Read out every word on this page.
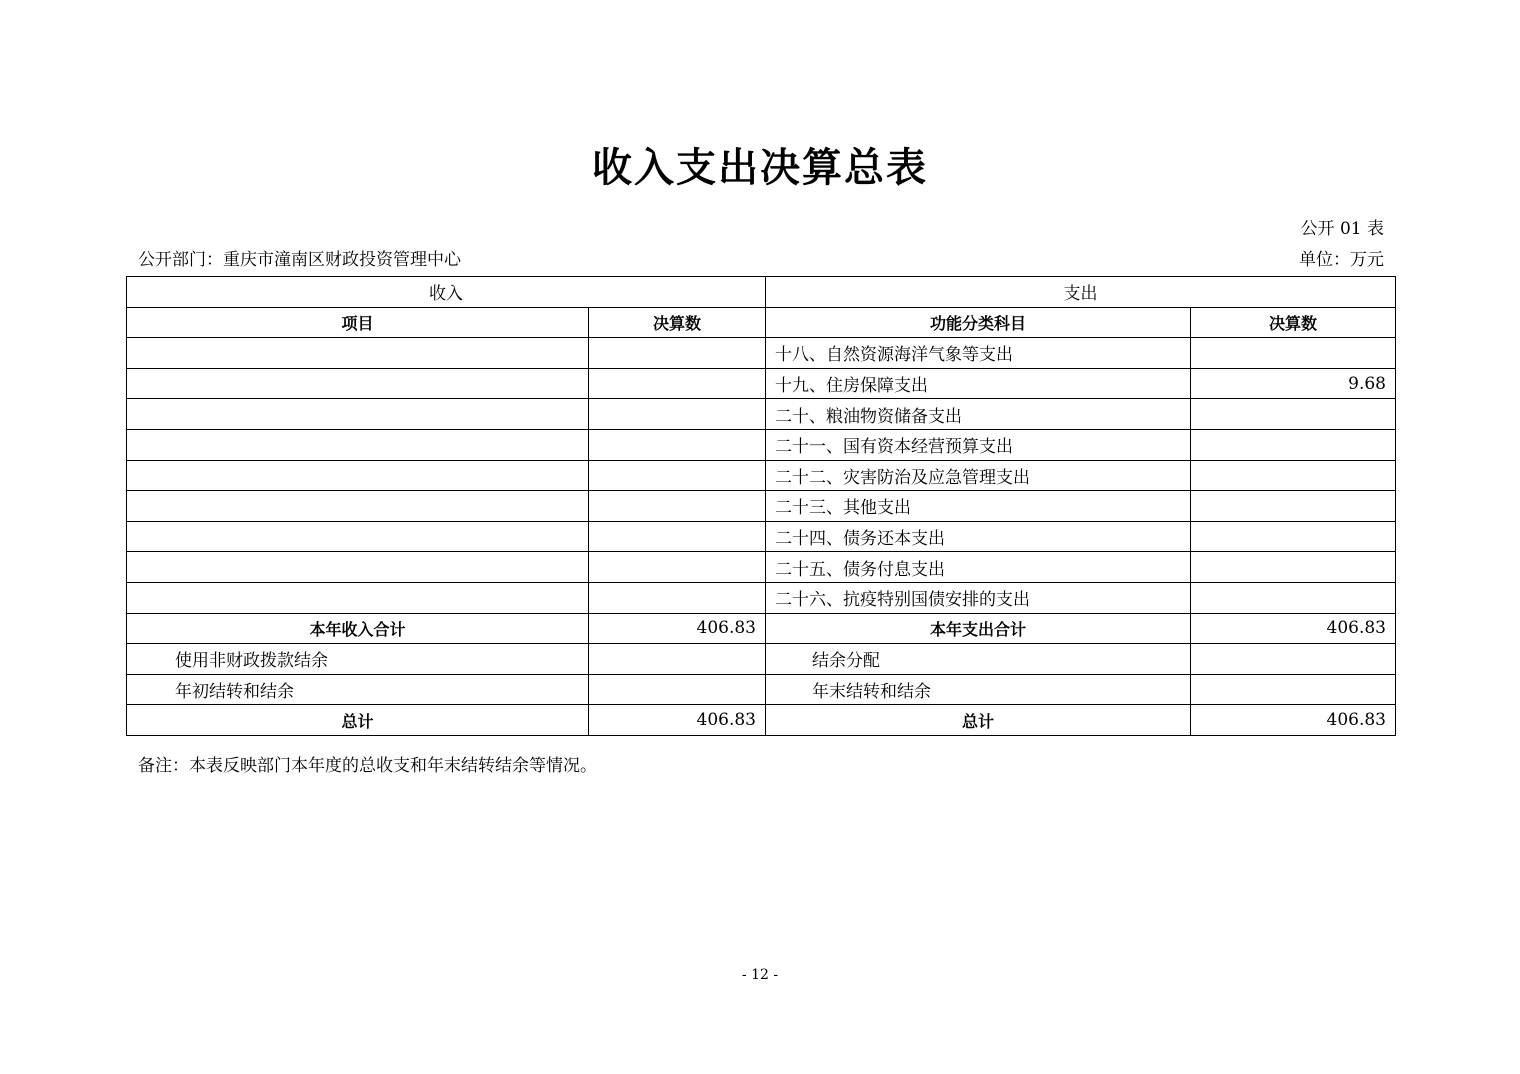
收入支出决算总表
公开 01 表
公开部门：重庆市潼南区财政投资管理中心	单位：万元
收入		支出	
项目	决算数	功能分类科目	决算数
		十八、自然资源海洋气象等支出	
		十九、住房保障支出	9.68
		二十、粮油物资储备支出	
		二十一、国有资本经营预算支出	
		二十二、灾害防治及应急管理支出	
		二十三、其他支出	
		二十四、债务还本支出	
		二十五、债务付息支出	
		二十六、抗疫特别国债安排的支出	
本年收入合计	406.83	本年支出合计	406.83
使用非财政拨款结余		结余分配	
年初结转和结余		年末结转和结余	
总计	406.83	总计	406.83
备注：本表反映部门本年度的总收支和年末结转结余等情况。
- 12 -
